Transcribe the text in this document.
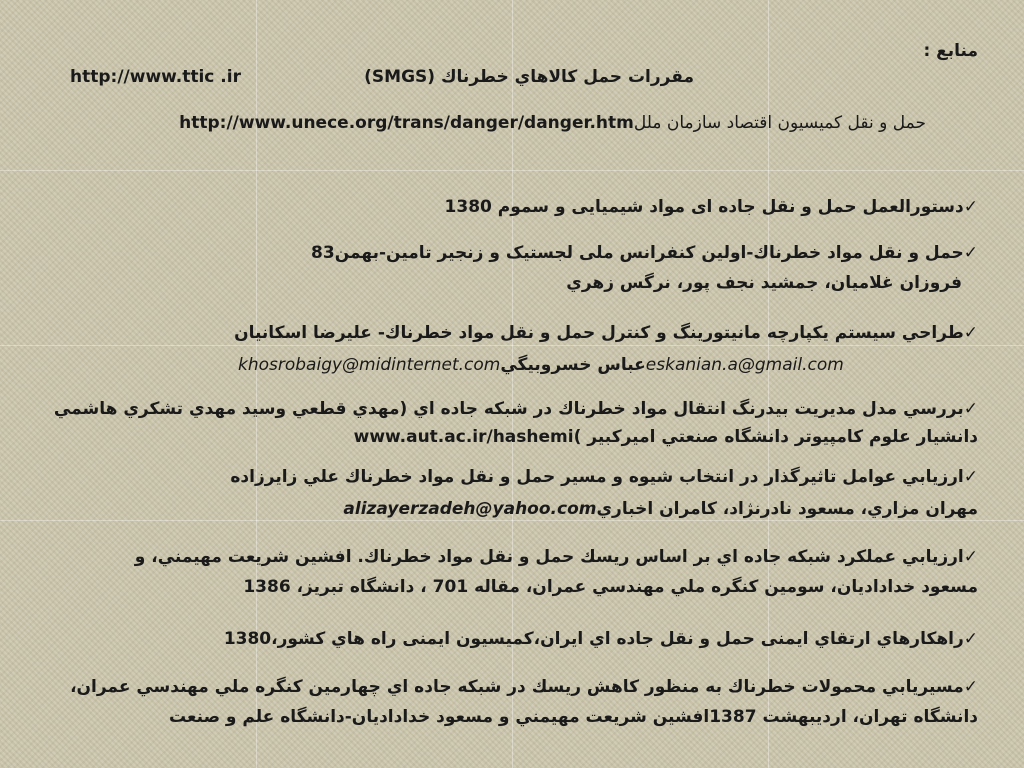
منابع :
http://www.ttic .ir	مقررات حمل كالاهاي خطرناك (SMGS)
حمل و نقل كميسيون اقتصاد سازمان مللhttp://www.unece.org/trans/danger/danger.htm
✓دستورالعمل حمل و نقل جاده ای مواد شیمیایی و سموم 1380
✓حمل و نقل مواد خطرناك-اولين كنفرانس ملی لجستيک و زنجير تامين-بهمن83
فروزان غلاميان، جمشيد نجف پور، نرگس زهري
✓طراحي سيستم يكپارچه مانيتورينگ و كنترل حمل و نقل مواد خطرناك- عليرضا اسكانيان
khosrobaigy@midinternet.comعباس خسروبيگيeskanian.a@gmail.com
✓بررسي مدل مديريت بيدرنگ انتقال مواد خطرناك در شبكه جاده اي (مهدي قطعي وسيد مهدي تشكري هاشمي
دانشيار علوم كامپيوتر دانشگاه صنعتي اميركبير )www.aut.ac.ir/hashemi
✓ارزيابي عوامل تاثيرگذار در انتخاب شيوه و مسير حمل و نقل مواد خطرناك علي زايرزاده
مهران مزاري، مسعود نادرنژاد، كامران اخباريalizayerzadeh@yahoo.com
✓ارزيابي عملكرد شبكه جاده اي بر اساس ريسك حمل و نقل مواد خطرناك. افشين شريعت مهيمني، و
مسعود خداداديان، سومين كنگره ملي مهندسي عمران، مقاله 701 ، دانشگاه تبريز، 1386
✓راهكارهاي ارتقاي ايمنی حمل و نقل جاده اي ايران،كميسيون ايمنی راه هاي كشور،1380
✓مسيريابي محمولات خطرناك به منظور كاهش ريسك در شبكه جاده اي چهارمين كنگره ملي مهندسي عمران،
دانشگاه تهران، ارديبهشت 1387افشين شريعت مهيمني و مسعود خداداديان-دانشگاه علم و صنعت
